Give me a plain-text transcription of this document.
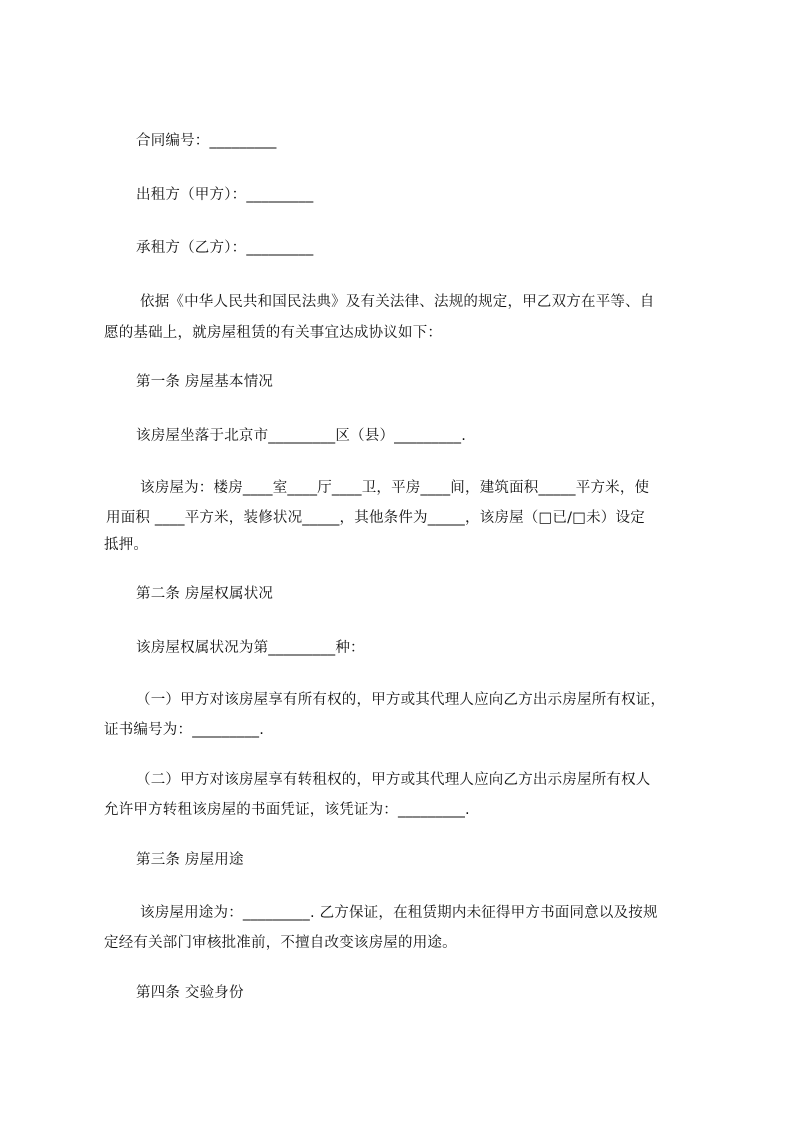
合同编号：_________
出租方（甲方）：_________
承租方（乙方）：_________
依据《中华人民共和国民法典》及有关法律、法规的规定，甲乙双方在平等、自
愿的基础上，就房屋租赁的有关事宜达成协议如下：
第一条 房屋基本情况
该房屋坐落于北京市_________区（县）_________.
该房屋为：楼房____室____厅____卫，平房____间，建筑面积_____平方米，使
用面积 ____平方米，装修状况_____，其他条件为_____，该房屋（□已/□未）设定
抵押。
第二条 房屋权属状况
该房屋权属状况为第_________种：
（一）甲方对该房屋享有所有权的，甲方或其代理人应向乙方出示房屋所有权证，
证书编号为：_________.
（二）甲方对该房屋享有转租权的，甲方或其代理人应向乙方出示房屋所有权人
允许甲方转租该房屋的书面凭证，该凭证为：_________.
第三条 房屋用途
该房屋用途为：_________. 乙方保证，在租赁期内未征得甲方书面同意以及按规
定经有关部门审核批准前，不擅自改变该房屋的用途。
第四条 交验身份
